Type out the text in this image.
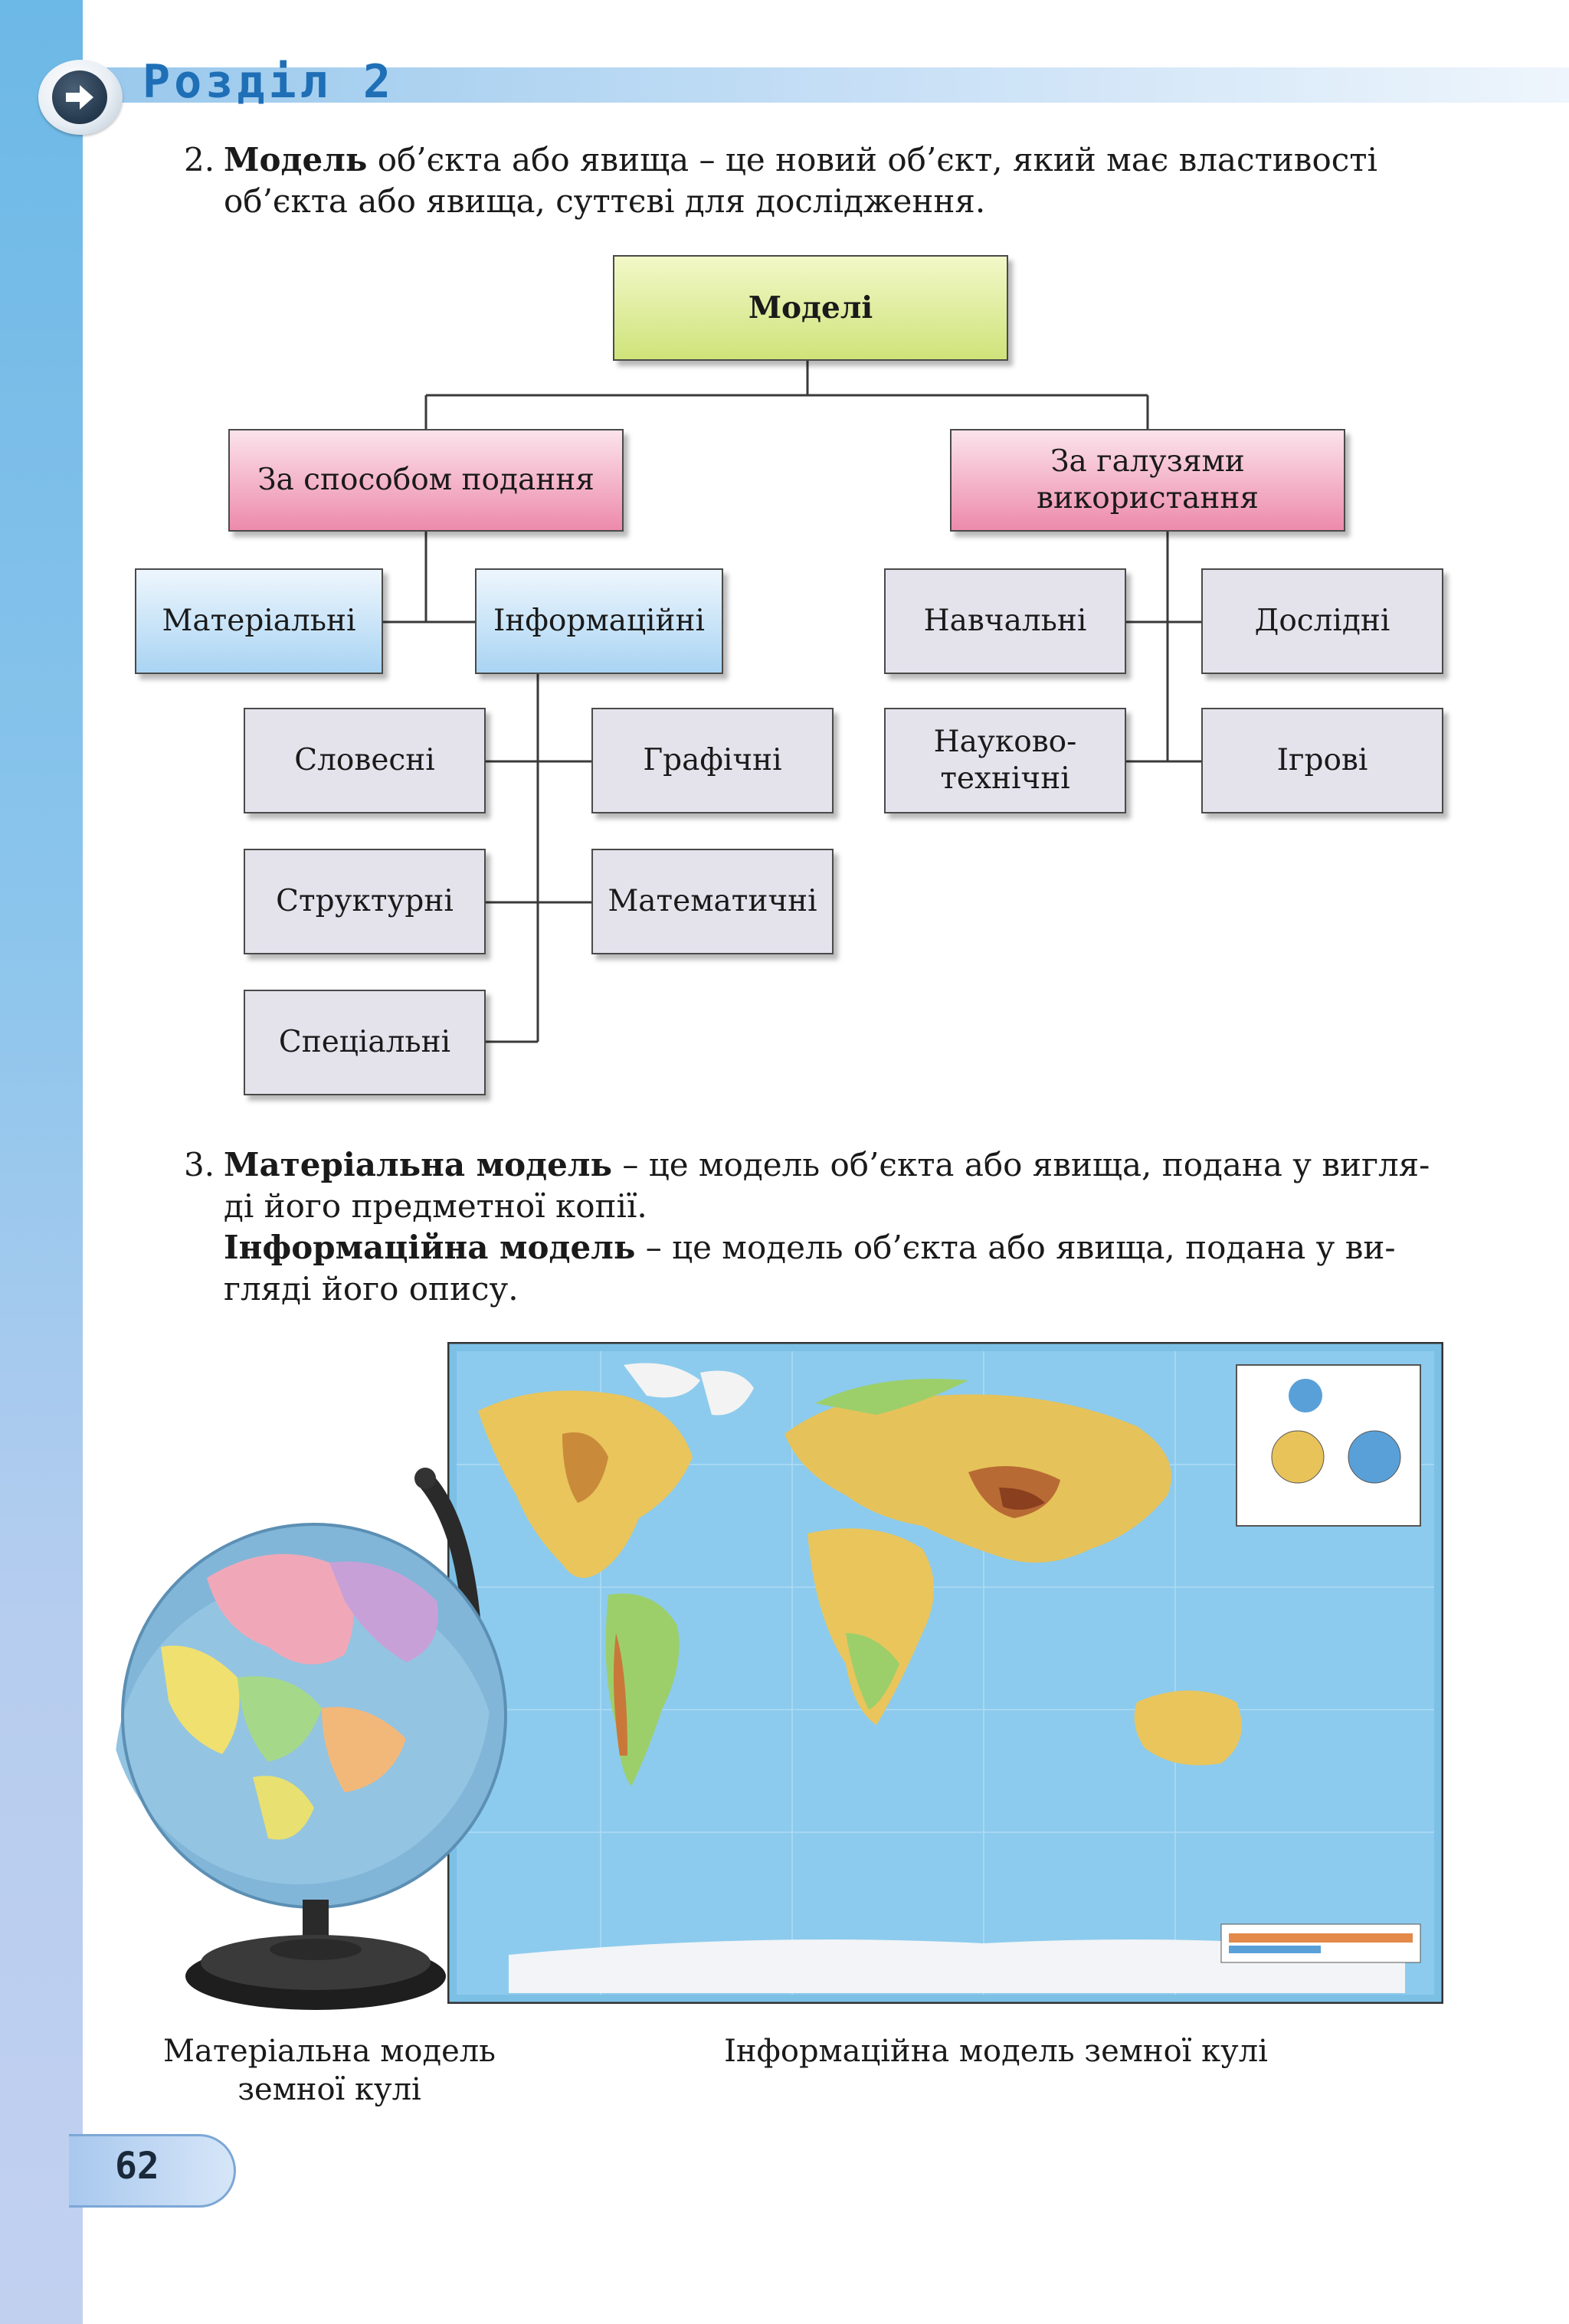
Розділ 2
2. Модель об’єкта або явища – це новий об’єкт, який має властивості
об’єкта або явища, суттєві для дослідження.
Моделі
За способом подання
За галузями
використання
Матеріальні	Інформаційні
Словесні	Графічні
Структурні	Математичні
Спеціальні
Навчальні	Дослідні
Науково-
технічні
Ігрові
3. Матеріальна модель – це модель об’єкта або явища, подана у вигля-
ді його предметної копії.
Інформаційна модель – це модель об’єкта або явища, подана у ви-
гляді його опису.
Матеріальна модель
земної кулі
Інформаційна модель земної кулі
62
